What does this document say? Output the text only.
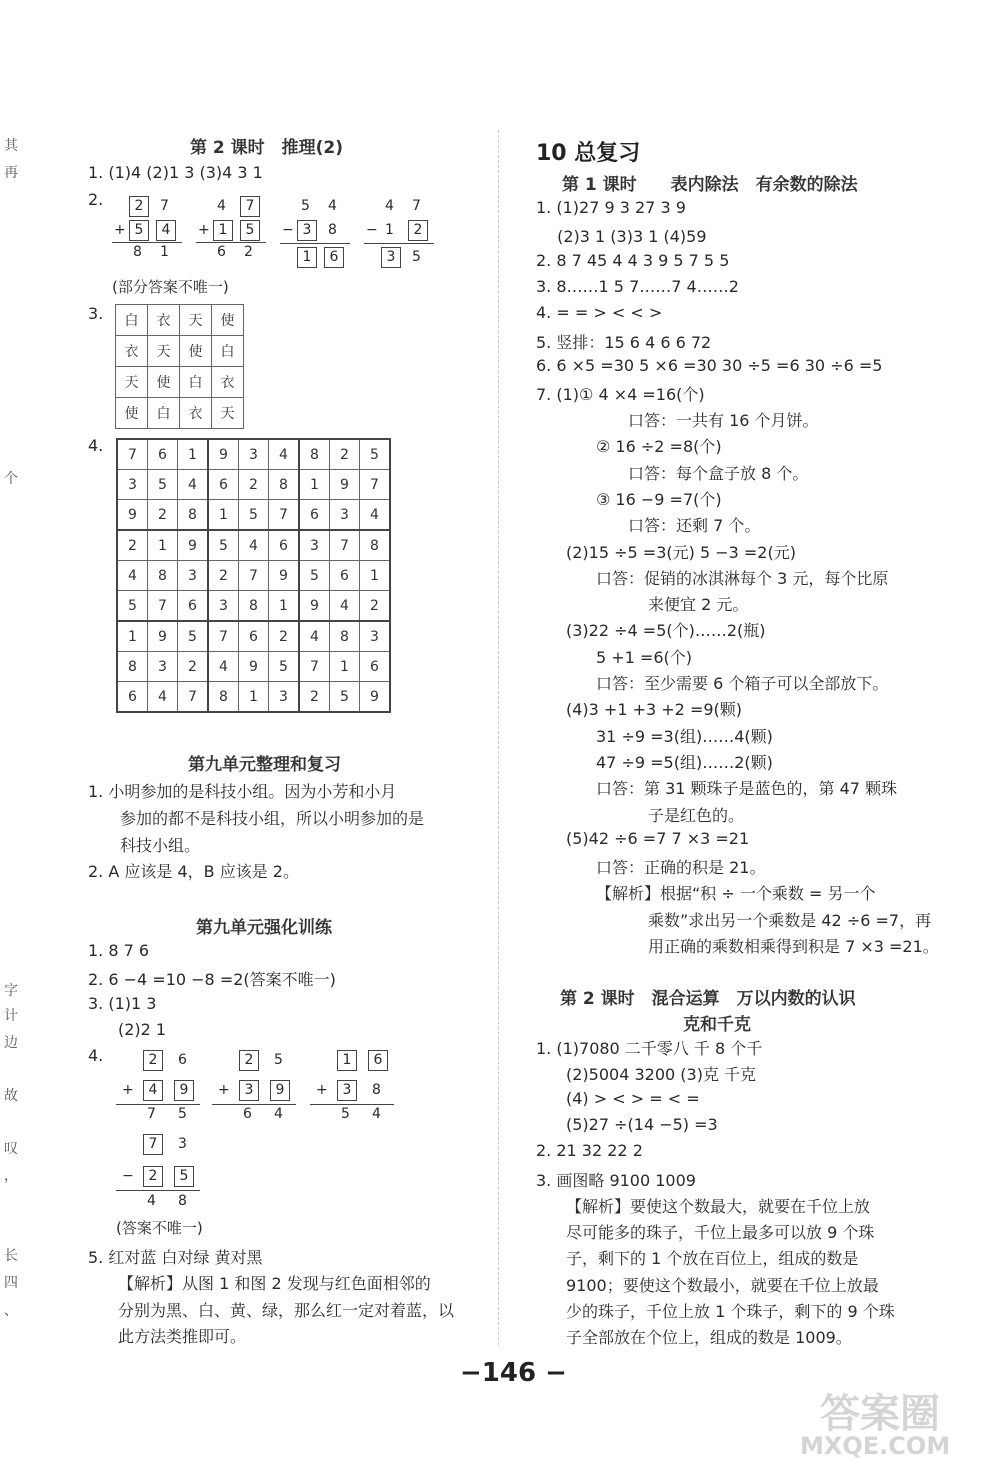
其
再
个
字
计
边
故
叹
，
长
四
、
第 2 课时　推理(2)
1. (1)4 (2)1 3 (3)4 3 1
2.	2	7
+ 5	4
8 1
4	7
+ 1	5
6 2
5 4
− 3	8
1	6
4 7
− 1	2
3	5
(部分答案不唯一)
3. 白	衣	天	使
衣	天	使	白
天	使	白	衣
使	白	衣	天
4. 7	6	1	9	3	4	8	2	5
3	5	4	6	2	8	1	9	7
9	2	8	1	5	7	6	3	4
2	1	9	5	4	6	3	7	8
4	8	3	2	7	9	5	6	1
5	7	6	3	8	1	9	4	2
1	9	5	7	6	2	4	8	3
8	3	2	4	9	5	7	1	6
6	4	7	8	1	3	2	5	9
第九单元整理和复习
1. 小明参加的是科技小组。因为小芳和小月
参加的都不是科技小组，所以小明参加的是
科技小组。
2. A 应该是 4，B 应该是 2。
第九单元强化训练
1. 8 7 6
2. 6 −4 =10 −8 =2(答案不唯一)
3. (1)1 3
(2)2 1
4.	2	6
+	4	9
7 5
2	5
+	3	9
6 4
1	6
+	3	8
5 4
7	3
−	2	5
4 8
(答案不唯一)
5. 红对蓝 白对绿 黄对黑
【解析】从图 1 和图 2 发现与红色面相邻的
分别为黑、白、黄、绿，那么红一定对着蓝，以
此方法类推即可。
10 总复习
第 1 课时　　表内除法　有余数的除法
1. (1)27 9 3 27 3 9
　 (2)3 1 (3)3 1 (4)59
2. 8 7 45 4 4 3 9 5 7 5 5
3. 8……1 5 7……7 4……2
4. = = > < < >
5. 竖排：15 6 4 6 6 72
6. 6 ×5 =30 5 ×6 =30 30 ÷5 =6 30 ÷6 =5
7. (1)① 4 ×4 =16(个)
口答：一共有 16 个月饼。
② 16 ÷2 =8(个)
口答：每个盒子放 8 个。
③ 16 −9 =7(个)
口答：还剩 7 个。
(2)15 ÷5 =3(元) 5 −3 =2(元)
口答：促销的冰淇淋每个 3 元，每个比原
来便宜 2 元。
(3)22 ÷4 =5(个)……2(瓶)
5 +1 =6(个)
口答：至少需要 6 个箱子可以全部放下。
(4)3 +1 +3 +2 =9(颗)
31 ÷9 =3(组)……4(颗)
47 ÷9 =5(组)……2(颗)
口答：第 31 颗珠子是蓝色的，第 47 颗珠
子是红色的。
(5)42 ÷6 =7 7 ×3 =21
口答：正确的积是 21。
【解析】根据“积 ÷ 一个乘数 = 另一个
乘数”求出另一个乘数是 42 ÷6 =7，再
用正确的乘数相乘得到积是 7 ×3 =21。
第 2 课时　混合运算　万以内数的认识
克和千克
1. (1)7080 二千零八 千 8 个千
(2)5004 3200 (3)克 千克
(4) > < > = < =
(5)27 ÷(14 −5) =3
2. 21 32 22 2
3. 画图略 9100 1009
【解析】要使这个数最大，就要在千位上放
尽可能多的珠子，千位上最多可以放 9 个珠
子，剩下的 1 个放在百位上，组成的数是
9100；要使这个数最小，就要在千位上放最
少的珠子，千位上放 1 个珠子，剩下的 9 个珠
子全部放在个位上，组成的数是 1009。
−146 −
答案圈
MXQE.COM
